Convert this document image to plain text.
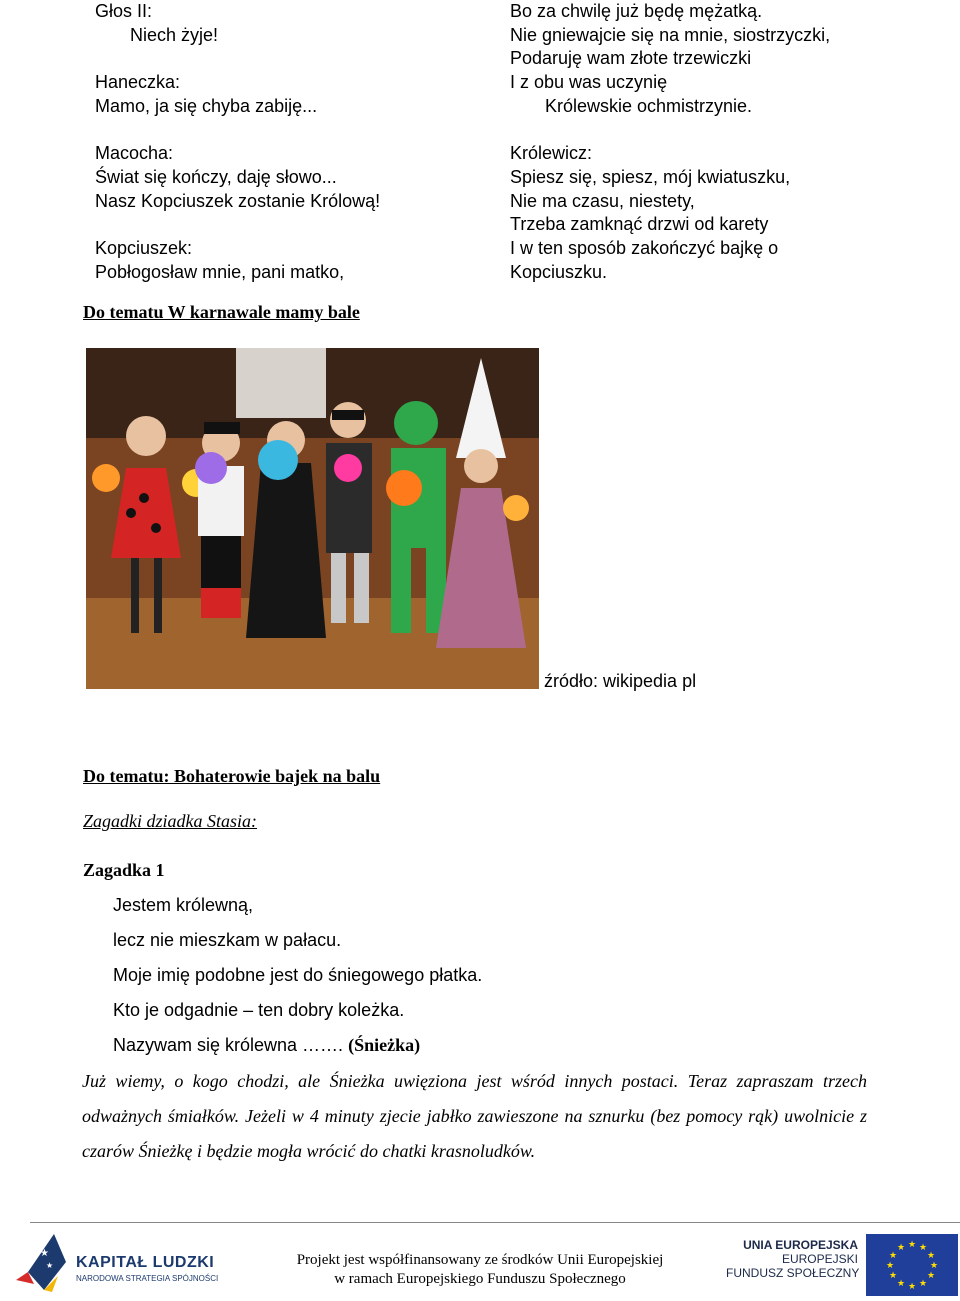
Głos II:
Niech żyje!
Haneczka:
Mamo, ja się chyba zabiję...
Macocha:
Świat się kończy, daję słowo...
Nasz Kopciuszek zostanie Królową!
Kopciuszek:
Pobłogosław mnie, pani matko,
Bo za chwilę już będę mężatką.
Nie gniewajcie się na mnie, siostrzyczki,
Podaruję wam złote trzewiczki
I z obu was uczynię
Królewskie ochmistrzynie.
Królewicz:
Spiesz się, spiesz, mój kwiatuszku,
Nie ma czasu, niestety,
Trzeba zamknąć drzwi od karety
I w ten sposób zakończyć bajkę o
Kopciuszku.
Do tematu W karnawale mamy bale
źródło: wikipedia pl
Do tematu: Bohaterowie bajek na balu
Zagadki dziadka Stasia:
Zagadka 1
Jestem królewną,
lecz nie mieszkam w pałacu.
Moje imię podobne jest do śniegowego płatka.
Kto je odgadnie – ten dobry koleżka.
Nazywam się królewna ……. (Śnieżka)
Już wiemy, o kogo chodzi, ale Śnieżka uwięziona jest wśród innych postaci. Teraz zapraszam trzech odważnych śmiałków. Jeżeli w 4 minuty zjecie jabłko zawieszone na sznurku (bez pomocy rąk) uwolnicie z czarów Śnieżkę i będzie mogła wrócić do chatki krasnoludków.
★
★ KAPITAŁ LUDZKI
NARODOWA STRATEGIA SPÓJNOŚCI
Projekt jest współfinansowany ze środków Unii Europejskiej
w ramach Europejskiego Funduszu Społecznego
UNIA EUROPEJSKA
EUROPEJSKI
FUNDUSZ SPOŁECZNY
★ ★
★
★
★
★
★
★
★
★
★
★
